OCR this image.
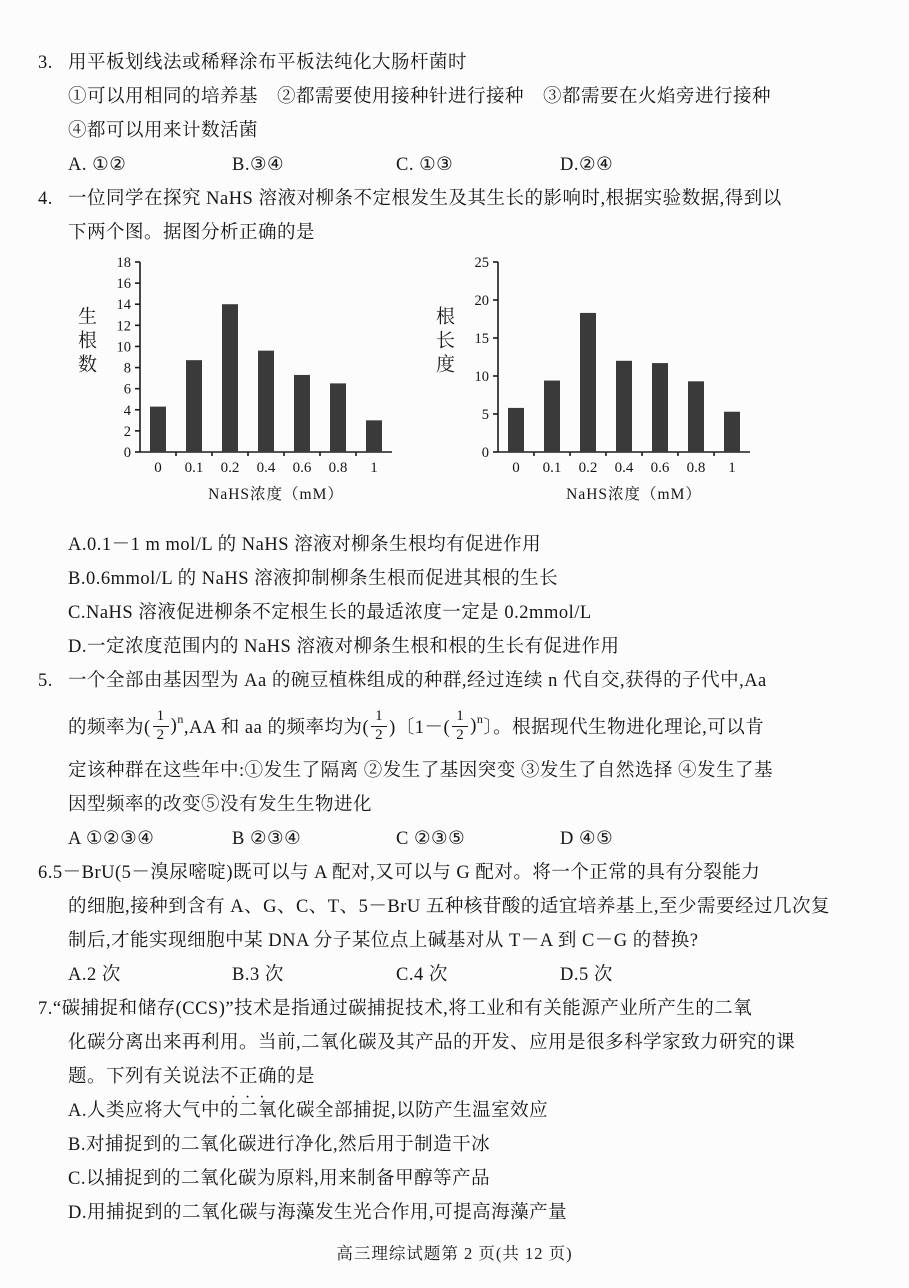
3. 用平板划线法或稀释涂布平板法纯化大肠杆菌时
①可以用相同的培养基　②都需要使用接种针进行接种　③都需要在火焰旁进行接种
④都可以用来计数活菌
A. ①②	B.③④	C. ①③	D.②④
4. 一位同学在探究 NaHS 溶液对柳条不定根发生及其生长的影响时,根据实验数据,得到以
下两个图。据图分析正确的是
生根数
0
2
4
6
8
10
12
14
16
18
0 0.1 0.2 0.4 0.6 0.8 1
NaHS浓度（mM）
根长度
0
5
10
15
20
25
0 0.1 0.2 0.4 0.6 0.8 1
NaHS浓度（mM）
A.0.1－1 m mol/L 的 NaHS 溶液对柳条生根均有促进作用
B.0.6mmol/L 的 NaHS 溶液抑制柳条生根而促进其根的生长
C.NaHS 溶液促进柳条不定根生长的最适浓度一定是 0.2mmol/L
D.一定浓度范围内的 NaHS 溶液对柳条生根和根的生长有促进作用
5. 一个全部由基因型为 Aa 的碗豆植株组成的种群,经过连续 n 代自交,获得的子代中,Aa
的频率为( $\frac{1}{2}$ ) n ,AA 和 aa 的频率均为( $\frac{1}{2}$ )〔$1-( \frac{1}{2}$ ) n 〕。根据现代生物进化理论,可以肯
定该种群在这些年中:①发生了隔离 ②发生了基因突变 ③发生了自然选择 ④发生了基
因型频率的改变⑤没有发生生物进化
A ①②③④	B ②③④	C ②③⑤	D ④⑤
6.5－BrU(5－溴尿嘧啶)既可以与 A 配对,又可以与 G 配对。将一个正常的具有分裂能力
的细胞,接种到含有 A、G、C、T、5－BrU 五种核苷酸的适宜培养基上,至少需要经过几次复
制后,才能实现细胞中某 DNA 分子某位点上碱基对从 T－A 到 C－G 的替换?
A.2 次	B.3 次	C.4 次	D.5 次
7.“碳捕捉和储存(CCS)”技术是指通过碳捕捉技术,将工业和有关能源产业所产生的二氧
化碳分离出来再利用。当前,二氧化碳及其产品的开发、应用是很多科学家致力研究的课
题。下列有关说法不正确 · · ·的是
A.人类应将大气中的二氧化碳全部捕捉,以防产生温室效应
B.对捕捉到的二氧化碳进行净化,然后用于制造干冰
C.以捕捉到的二氧化碳为原料,用来制备甲醇等产品
D.用捕捉到的二氧化碳与海藻发生光合作用,可提高海藻产量
高三理综试题第 2 页(共 12 页)
